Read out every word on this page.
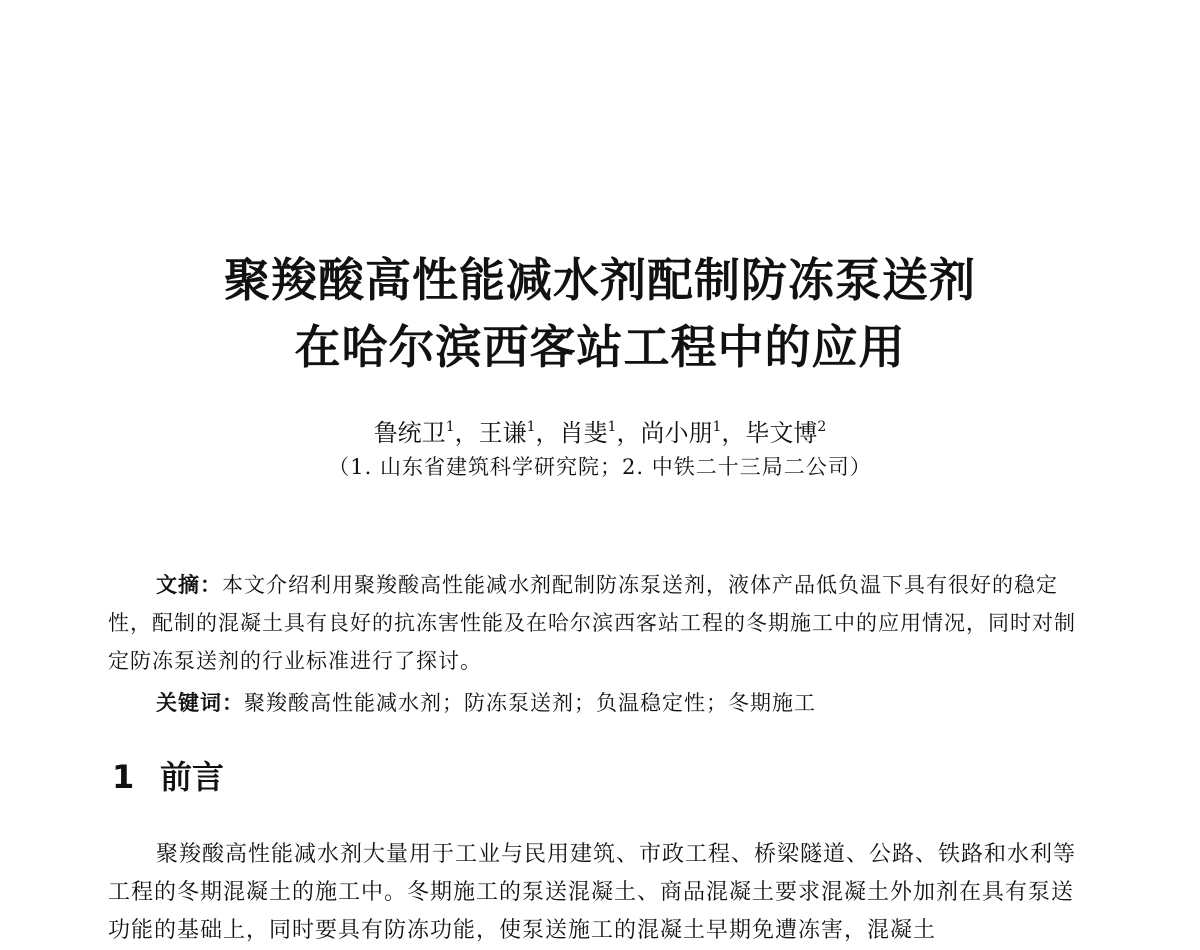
聚羧酸高性能减水剂配制防冻泵送剂
在哈尔滨西客站工程中的应用
鲁统卫$^1$，王谦$^1$，肖斐$^1$，尚小朋$^1$，毕文博$^2$
（1. 山东省建筑科学研究院；2. 中铁二十三局二公司）
文摘：本文介绍利用聚羧酸高性能减水剂配制防冻泵送剂，液体产品低负温下具有很好的稳定性，配制的混凝土具有良好的抗冻害性能及在哈尔滨西客站工程的冬期施工中的应用情况，同时对制定防冻泵送剂的行业标准进行了探讨。
关键词：聚羧酸高性能减水剂；防冻泵送剂；负温稳定性；冬期施工
1 前言
聚羧酸高性能减水剂大量用于工业与民用建筑、市政工程、桥梁隧道、公路、铁路和水利等工程的冬期混凝土的施工中。冬期施工的泵送混凝土、商品混凝土要求混凝土外加剂在具有泵送功能的基础上，同时要具有防冻功能，使泵送施工的混凝土早期免遭冻害，混凝土
